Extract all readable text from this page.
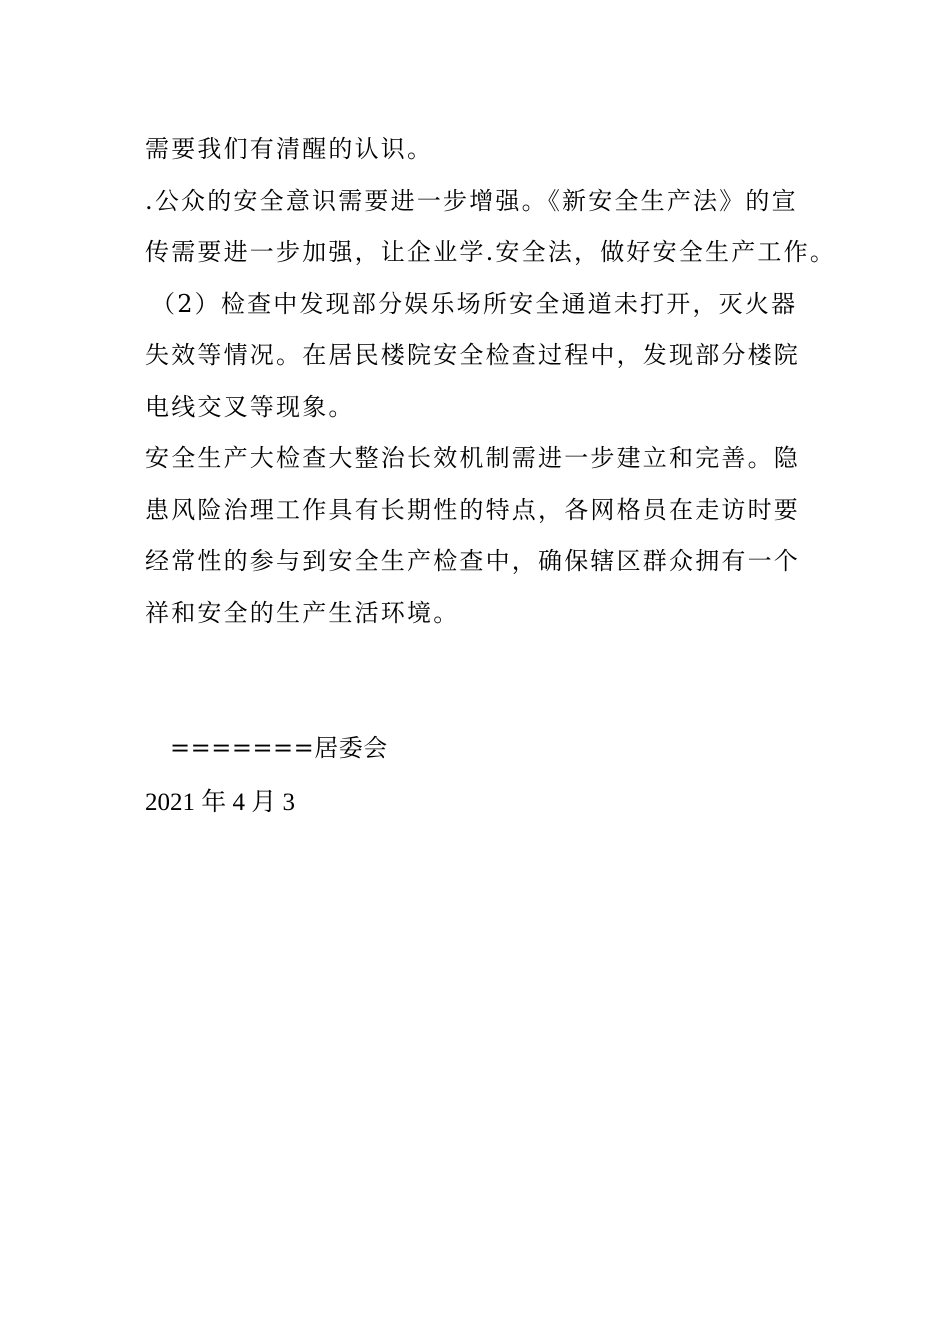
需要我们有清醒的认识。
.公众的安全意识需要进一步增强。《新安全生产法》的宣
传需要进一步加强，让企业学.安全法，做好安全生产工作。
（2）检查中发现部分娱乐场所安全通道未打开，灭火器
失效等情况。在居民楼院安全检查过程中，发现部分楼院
电线交叉等现象。
安全生产大检查大整治长效机制需进一步建立和完善。隐
患风险治理工作具有长期性的特点，各网格员在走访时要
经常性的参与到安全生产检查中，确保辖区群众拥有一个
祥和安全的生产生活环境。
=======居委会
2021 年 4 月 3
